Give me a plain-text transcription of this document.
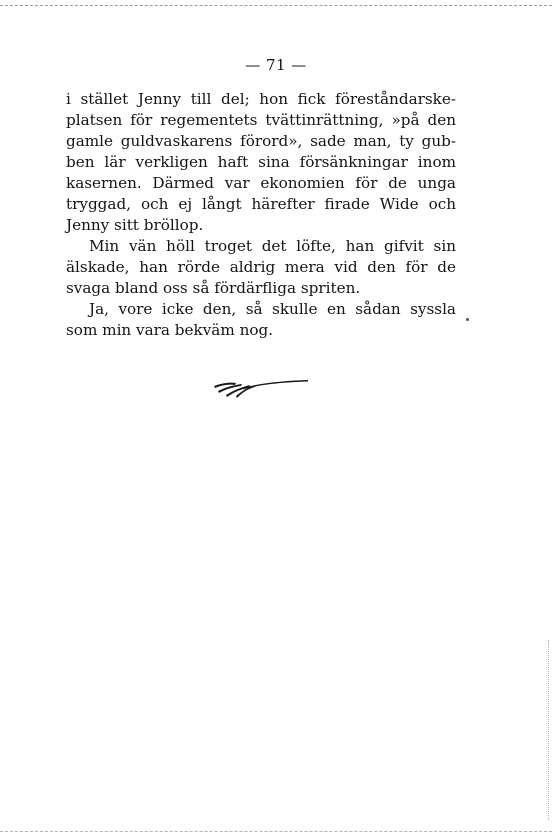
— 71 —
i stället Jenny till del; hon fick föreståndarske-
platsen för regementets tvättinrättning, »på den
gamle guldvaskarens förord», sade man, ty gub-
ben lär verkligen haft sina försänkningar inom
kasernen. Därmed var ekonomien för de unga
tryggad, och ej långt härefter firade Wide och
Jenny sitt bröllop.
Min vän höll troget det löfte, han gifvit sin
älskade, han rörde aldrig mera vid den för de
svaga bland oss så fördärfliga spriten.
Ja, vore icke den, så skulle en sådan syssla
som min vara bekväm nog.
